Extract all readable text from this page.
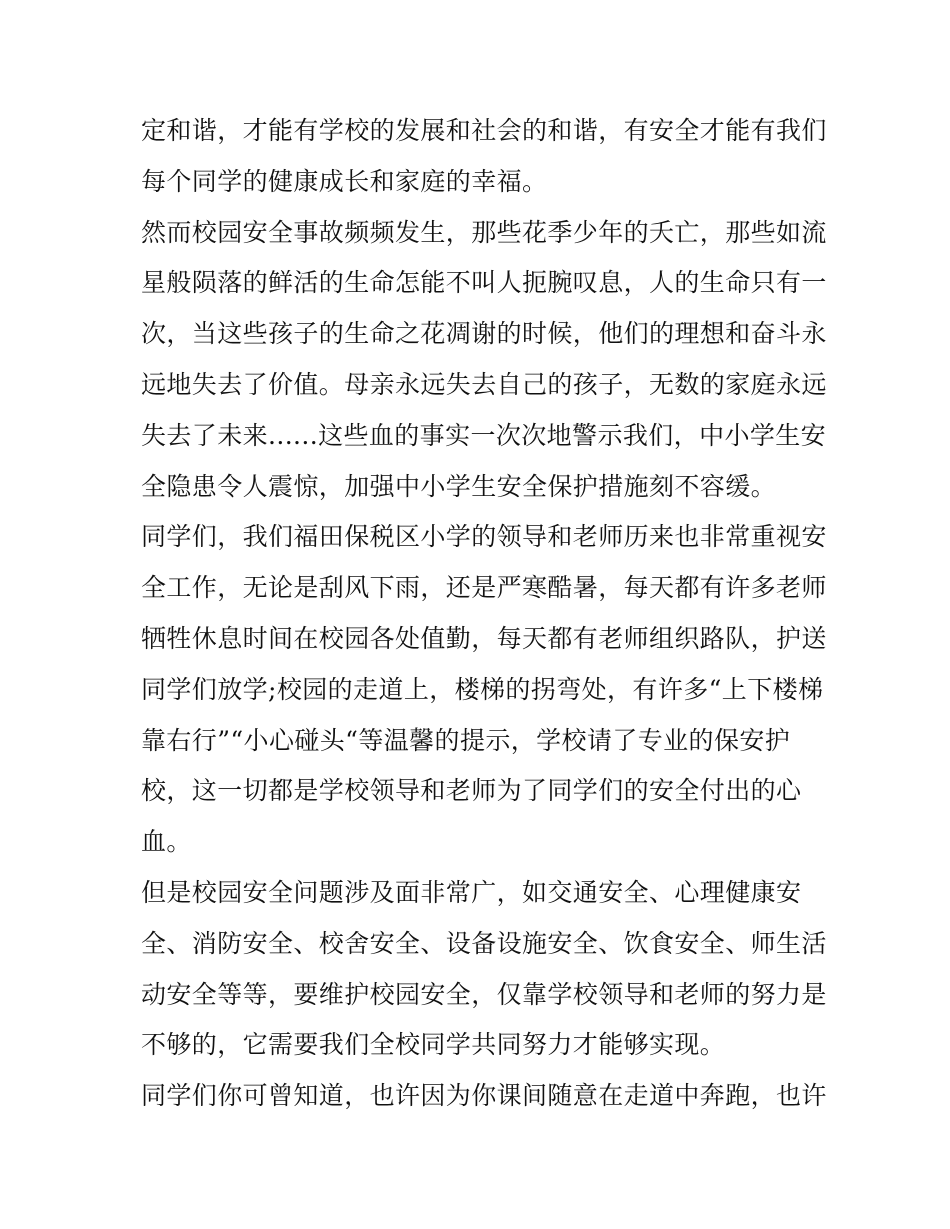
定和谐，才能有学校的发展和社会的和谐，有安全才能有我们
每个同学的健康成长和家庭的幸福。
然而校园安全事故频频发生，那些花季少年的夭亡，那些如流
星般陨落的鲜活的生命怎能不叫人扼腕叹息，人的生命只有一
次，当这些孩子的生命之花凋谢的时候，他们的理想和奋斗永
远地失去了价值。母亲永远失去自己的孩子，无数的家庭永远
失去了未来......这些血的事实一次次地警示我们，中小学生安
全隐患令人震惊，加强中小学生安全保护措施刻不容缓。
同学们，我们福田保税区小学的领导和老师历来也非常重视安
全工作，无论是刮风下雨，还是严寒酷暑，每天都有许多老师
牺牲休息时间在校园各处值勤，每天都有老师组织路队，护送
同学们放学;校园的走道上，楼梯的拐弯处，有许多“上下楼梯
靠右行”“小心碰头“等温馨的提示，学校请了专业的保安护
校，这一切都是学校领导和老师为了同学们的安全付出的心
血。
但是校园安全问题涉及面非常广，如交通安全、心理健康安
全、消防安全、校舍安全、设备设施安全、饮食安全、师生活
动安全等等，要维护校园安全，仅靠学校领导和老师的努力是
不够的，它需要我们全校同学共同努力才能够实现。
同学们你可曾知道，也许因为你课间随意在走道中奔跑，也许
